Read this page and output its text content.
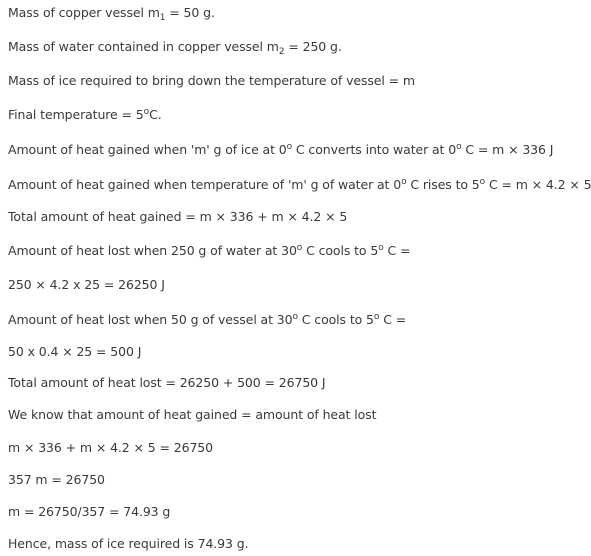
Mass of copper vessel $m_1 = 50$ g.
Mass of water contained in copper vessel $m_2 = 250$ g.
Mass of ice required to bring down the temperature of vessel = m
Final temperature = $5^oC$.
Amount of heat gained when 'm' g of ice at 0$^o$ C converts into water at 0$^o$ C = m × 336 J
Amount of heat gained when temperature of 'm' g of water at 0$^o$ C rises to 5$^o$ C = m × 4.2 × 5
Total amount of heat gained = m × 336 + m × 4.2 × 5
Amount of heat lost when 250 g of water at 30$^o$ C cools to 5$^o$ C =
250 × 4.2 x 25 = 26250 J
Amount of heat lost when 50 g of vessel at 30$^o$ C cools to 5$^o$ C =
50 x 0.4 × 25 = 500 J
Total amount of heat lost = 26250 + 500 = 26750 J
We know that amount of heat gained = amount of heat lost
m × 336 + m × 4.2 × 5 = 26750
357 m = 26750
m = 26750/357 = 74.93 g
Hence, mass of ice required is 74.93 g.
